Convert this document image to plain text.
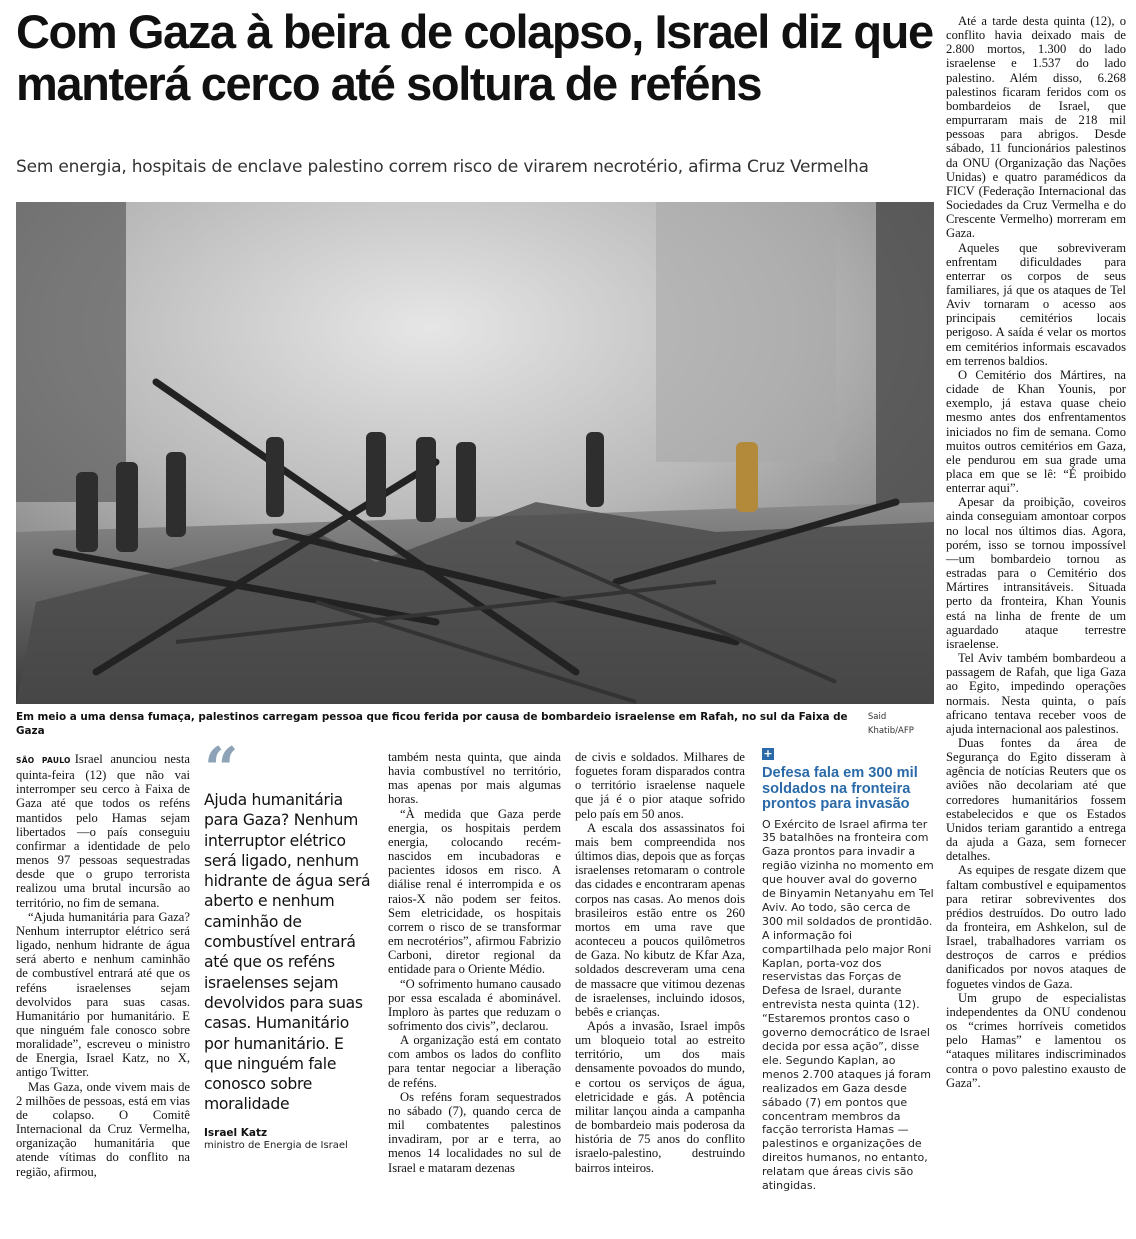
Com Gaza à beira de colapso, Israel diz que manterá cerco até soltura de reféns
Sem energia, hospitais de enclave palestino correm risco de virarem necrotério, afirma Cruz Vermelha
Em meio a uma densa fumaça, palestinos carregam pessoa que ficou ferida por causa de bombardeio israelense em Rafah, no sul da Faixa de Gaza
Said Khatib/AFP

Até a tarde desta quinta (12), o conflito havia deixado mais de 2.800 mortos, 1.300 do lado israelense e 1.537 do lado palestino. Além disso, 6.268 palestinos ficaram feridos com os bombardeios de Israel, que empurraram mais de 218 mil pessoas para abrigos. Desde sábado, 11 funcionários palestinos da ONU (Organização das Nações Unidas) e quatro paramédicos da FICV (Federação Internacional das Sociedades da Cruz Vermelha e do Crescente Vermelho) morreram em Gaza.

Aqueles que sobreviveram enfrentam dificuldades para enterrar os corpos de seus familiares, já que os ataques de Tel Aviv tornaram o acesso aos principais cemitérios locais perigoso. A saída é velar os mortos em cemitérios informais escavados em terrenos baldios.

O Cemitério dos Mártires, na cidade de Khan Younis, por exemplo, já estava quase cheio mesmo antes dos enfrentamentos iniciados no fim de semana. Como muitos outros cemitérios em Gaza, ele pendurou em sua grade uma placa em que se lê: “É proibido enterrar aqui”.

Apesar da proibição, coveiros ainda conseguiam amontoar corpos no local nos últimos dias. Agora, porém, isso se tornou impossível —um bombardeio tornou as estradas para o Cemitério dos Mártires intransitáveis. Situada perto da fronteira, Khan Younis está na linha de frente de um aguardado ataque terrestre israelense.

Tel Aviv também bombardeou a passagem de Rafah, que liga Gaza ao Egito, impedindo operações normais. Nesta quinta, o país africano tentava receber voos de ajuda internacional aos palestinos.

Duas fontes da área de Segurança do Egito disseram à agência de notícias Reuters que os aviões não decolariam até que corredores humanitários fossem estabelecidos e que os Estados Unidos teriam garantido a entrega da ajuda a Gaza, sem fornecer detalhes.

As equipes de resgate dizem que faltam combustível e equipamentos para retirar sobreviventes dos prédios destruídos. Do outro lado da fronteira, em Ashkelon, sul de Israel, trabalhadores varriam os destroços de carros e prédios danificados por novos ataques de foguetes vindos de Gaza.

Um grupo de especialistas independentes da ONU condenou os “crimes horríveis cometidos pelo Hamas” e lamentou os “ataques militares indiscriminados contra o povo palestino exausto de Gaza”.

SÃO PAULO Israel anunciou nesta quinta-feira (12) que não vai interromper seu cerco à Faixa de Gaza até que todos os reféns mantidos pelo Hamas sejam libertados —o país conseguiu confirmar a identidade de pelo menos 97 pessoas sequestradas desde que o grupo terrorista realizou uma brutal incursão ao território, no fim de semana.

“Ajuda humanitária para Gaza? Nenhum interruptor elétrico será ligado, nenhum hidrante de água será aberto e nenhum caminhão de combustível entrará até que os reféns israelenses sejam devolvidos para suas casas. Humanitário por humanitário. E que ninguém fale conosco sobre moralidade”, escreveu o ministro de Energia, Israel Katz, no X, antigo Twitter.

Mas Gaza, onde vivem mais de 2 milhões de pessoas, está em vias de colapso. O Comitê Internacional da Cruz Vermelha, organização humanitária que atende vítimas do conflito na região, afirmou,

“
Ajuda humanitária para Gaza? Nenhum interruptor elétrico será ligado, nenhum hidrante de água será aberto e nenhum caminhão de combustível entrará até que os reféns israelenses sejam devolvidos para suas casas. Humanitário por humanitário. E que ninguém fale conosco sobre moralidade
Israel Katz
ministro de Energia de Israel

também nesta quinta, que ainda havia combustível no território, mas apenas por mais algumas horas.

“À medida que Gaza perde energia, os hospitais perdem energia, colocando recém-nascidos em incubadoras e pacientes idosos em risco. A diálise renal é interrompida e os raios-X não podem ser feitos. Sem eletricidade, os hospitais correm o risco de se transformar em necrotérios”, afirmou Fabrizio Carboni, diretor regional da entidade para o Oriente Médio.

“O sofrimento humano causado por essa escalada é abominável. Imploro às partes que reduzam o sofrimento dos civis”, declarou.

A organização está em contato com ambos os lados do conflito para tentar negociar a liberação de reféns.

Os reféns foram sequestrados no sábado (7), quando cerca de mil combatentes palestinos invadiram, por ar e terra, ao menos 14 localidades no sul de Israel e mataram dezenas

de civis e soldados. Milhares de foguetes foram disparados contra o território israelense naquele que já é o pior ataque sofrido pelo país em 50 anos.

A escala dos assassinatos foi mais bem compreendida nos últimos dias, depois que as forças israelenses retomaram o controle das cidades e encontraram apenas corpos nas casas. Ao menos dois brasileiros estão entre os 260 mortos em uma rave que aconteceu a poucos quilômetros de Gaza. No kibutz de Kfar Aza, soldados descreveram uma cena de massacre que vitimou dezenas de israelenses, incluindo idosos, bebês e crianças.

Após a invasão, Israel impôs um bloqueio total ao estreito território, um dos mais densamente povoados do mundo, e cortou os serviços de água, eletricidade e gás. A potência militar lançou ainda a campanha de bombardeio mais poderosa da história de 75 anos do conflito israelo-palestino, destruindo bairros inteiros.

+
Defesa fala em 300 mil soldados na fronteira prontos para invasão
O Exército de Israel afirma ter 35 batalhões na fronteira com Gaza prontos para invadir a região vizinha no momento em que houver aval do governo de Binyamin Netanyahu em Tel Aviv. Ao todo, são cerca de 300 mil soldados de prontidão. A informação foi compartilhada pelo major Roni Kaplan, porta-voz dos reservistas das Forças de Defesa de Israel, durante entrevista nesta quinta (12). “Estaremos prontos caso o governo democrático de Israel decida por essa ação”, disse ele. Segundo Kaplan, ao menos 2.700 ataques já foram realizados em Gaza desde sábado (7) em pontos que concentram membros da facção terrorista Hamas —palestinos e organizações de direitos humanos, no entanto, relatam que áreas civis são atingidas.
